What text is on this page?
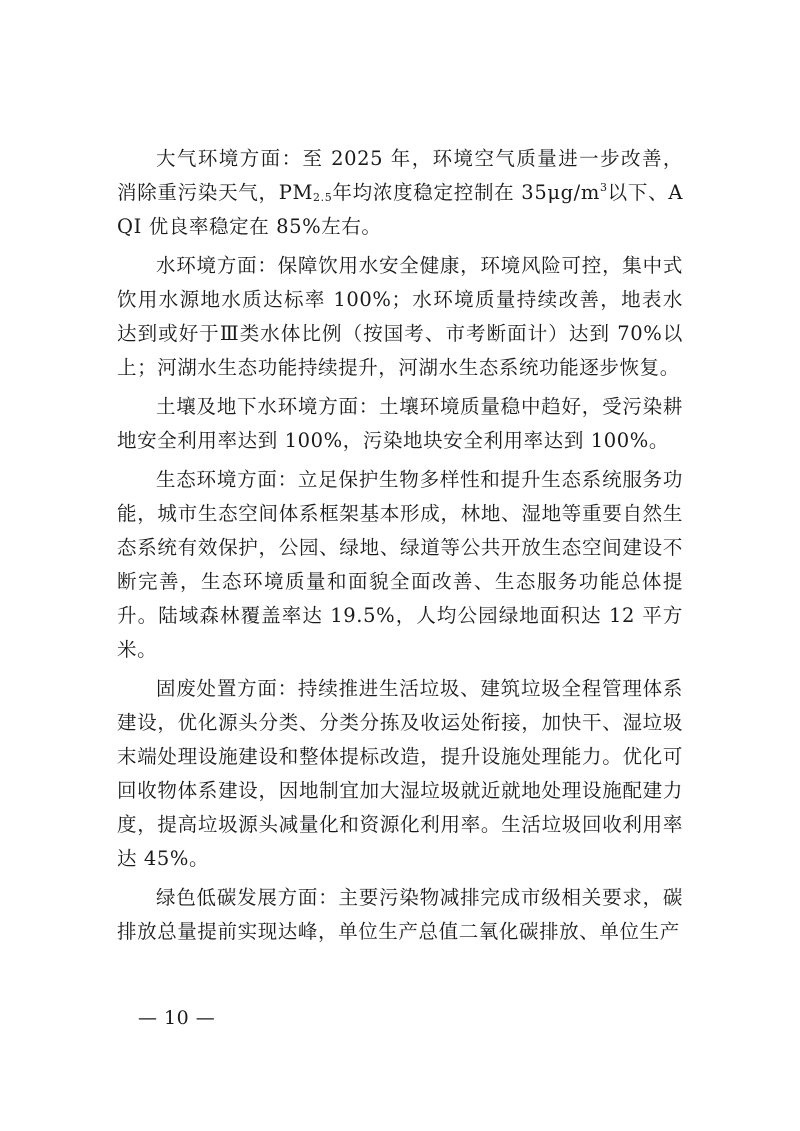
大气环境方面：至 2025 年，环境空气质量进一步改善，消除重污染天气，$PM_{2.5}$年均浓度稳定控制在 $35\mu g/m^3$以下、AQI 优良率稳定在 85%左右。

水环境方面：保障饮用水安全健康，环境风险可控，集中式饮用水源地水质达标率 100%；水环境质量持续改善，地表水达到或好于Ⅲ类水体比例（按国考、市考断面计）达到 70%以上；河湖水生态功能持续提升，河湖水生态系统功能逐步恢复。

土壤及地下水环境方面：土壤环境质量稳中趋好，受污染耕地安全利用率达到 100%，污染地块安全利用率达到 100%。

生态环境方面：立足保护生物多样性和提升生态系统服务功能，城市生态空间体系框架基本形成，林地、湿地等重要自然生态系统有效保护，公园、绿地、绿道等公共开放生态空间建设不断完善，生态环境质量和面貌全面改善、生态服务功能总体提升。陆域森林覆盖率达 19.5%，人均公园绿地面积达 12 平方米。

固废处置方面：持续推进生活垃圾、建筑垃圾全程管理体系建设，优化源头分类、分类分拣及收运处衔接，加快干、湿垃圾末端处理设施建设和整体提标改造，提升设施处理能力。优化可回收物体系建设，因地制宜加大湿垃圾就近就地处理设施配建力度，提高垃圾源头减量化和资源化利用率。生活垃圾回收利用率达 45%。

绿色低碳发展方面：主要污染物减排完成市级相关要求，碳排放总量提前实现达峰，单位生产总值二氧化碳排放、单位生产

— 10 —
